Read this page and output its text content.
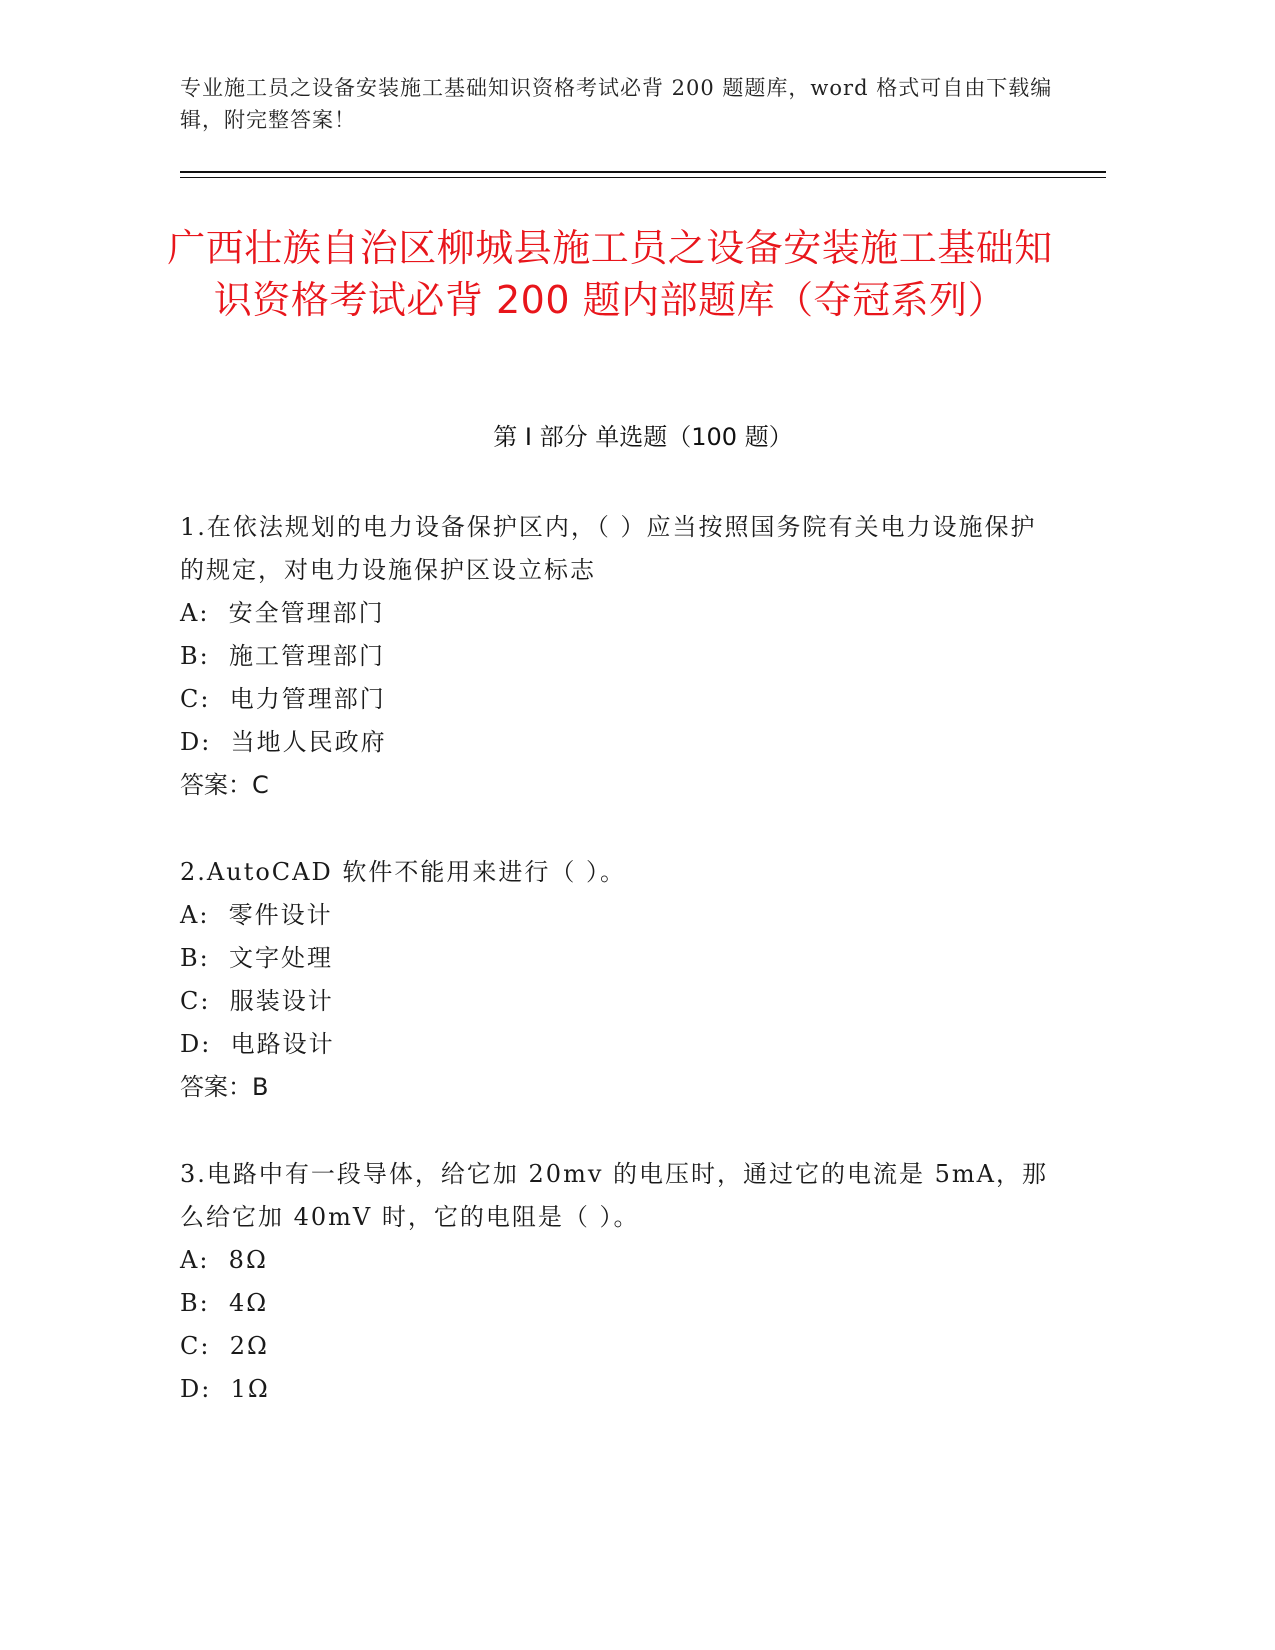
专业施工员之设备安装施工基础知识资格考试必背 200 题题库，word 格式可自由下载编辑，附完整答案！
广西壮族自治区柳城县施工员之设备安装施工基础知识资格考试必背 200 题内部题库（夺冠系列）
第 I 部分 单选题（100 题）

1.在依法规划的电力设备保护区内，（ ）应当按照国务院有关电力设施保护的规定，对电力设施保护区设立标志

A:  安全管理部门

B:  施工管理部门

C:  电力管理部门

D:  当地人民政府

答案：C

2.AutoCAD 软件不能用来进行（ ）。

A:  零件设计

B:  文字处理

C:  服装设计

D:  电路设计

答案：B

3.电路中有一段导体，给它加 20mv 的电压时，通过它的电流是 5mA，那么给它加 40mV 时，它的电阻是（ ）。

A:  8Ω

B:  4Ω

C:  2Ω

D:  1Ω
